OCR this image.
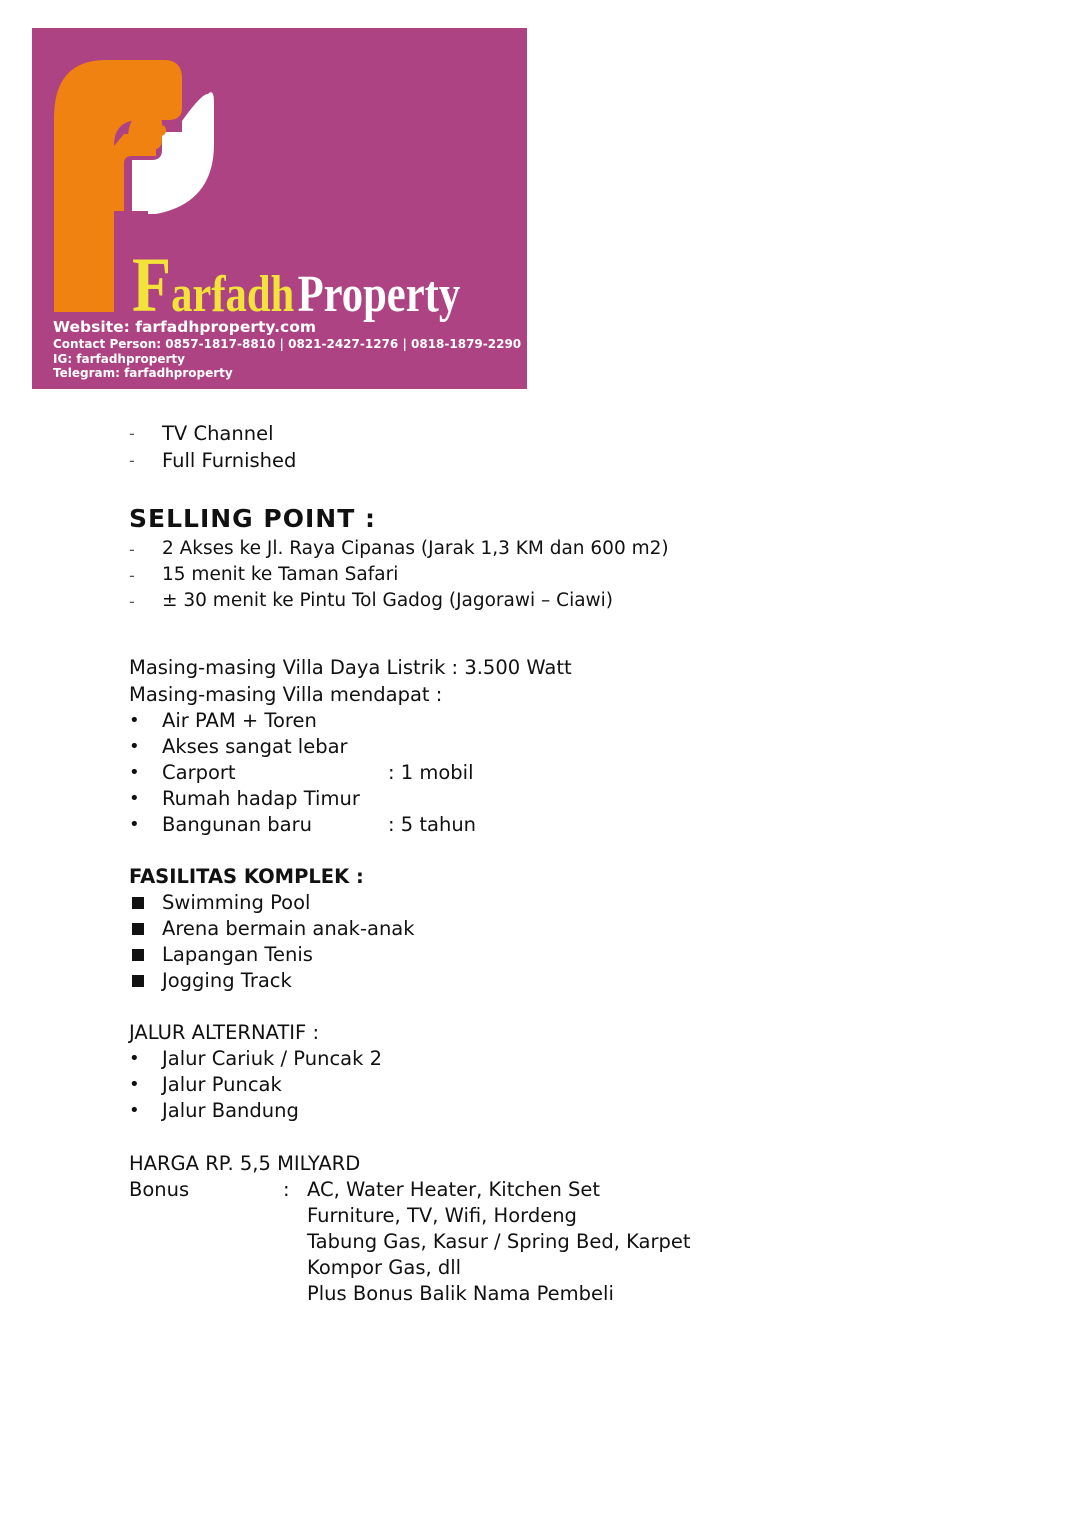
Farfadh Property
Website: farfadhproperty.com
Contact Person: 0857-1817-8810 | 0821-2427-1276 | 0818-1879-2290
IG: farfadhproperty
Telegram: farfadhproperty
- TV Channel
- Full Furnished
SELLING POINT :
- 2 Akses ke Jl. Raya Cipanas (Jarak 1,3 KM dan 600 m2)
- 15 menit ke Taman Safari
- ± 30 menit ke Pintu Tol Gadog (Jagorawi – Ciawi)
Masing-masing Villa Daya Listrik : 3.500 Watt
Masing-masing Villa mendapat :
• Air PAM + Toren
• Akses sangat lebar
• Carport	: 1 mobil
• Rumah hadap Timur
• Bangunan baru	: 5 tahun
FASILITAS KOMPLEK :
Swimming Pool
Arena bermain anak-anak
Lapangan Tenis
Jogging Track
JALUR ALTERNATIF :
• Jalur Cariuk / Puncak 2
• Jalur Puncak
• Jalur Bandung
HARGA RP. 5,5 MILYARD
Bonus	: AC, Water Heater, Kitchen Set
Furniture, TV, Wifi, Hordeng
Tabung Gas, Kasur / Spring Bed, Karpet
Kompor Gas, dll
Plus Bonus Balik Nama Pembeli
